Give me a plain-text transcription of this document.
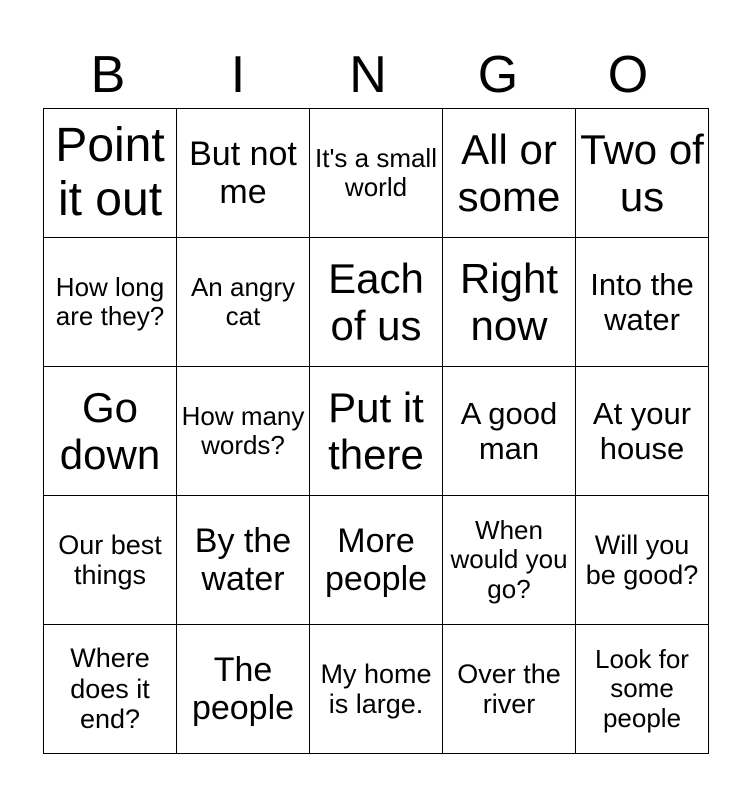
B	I	N	G	O
Point it out	But not me	It's a small world	All or some	Two of us
How long are they?	An angry cat	Each of us	Right now	Into the water
Go down	How many words?	Put it there	A good man	At your house
Our best things	By the water	More people	When would you go?	Will you be good?
Where does it end?	The people	My home is large.	Over the river	Look for some people
